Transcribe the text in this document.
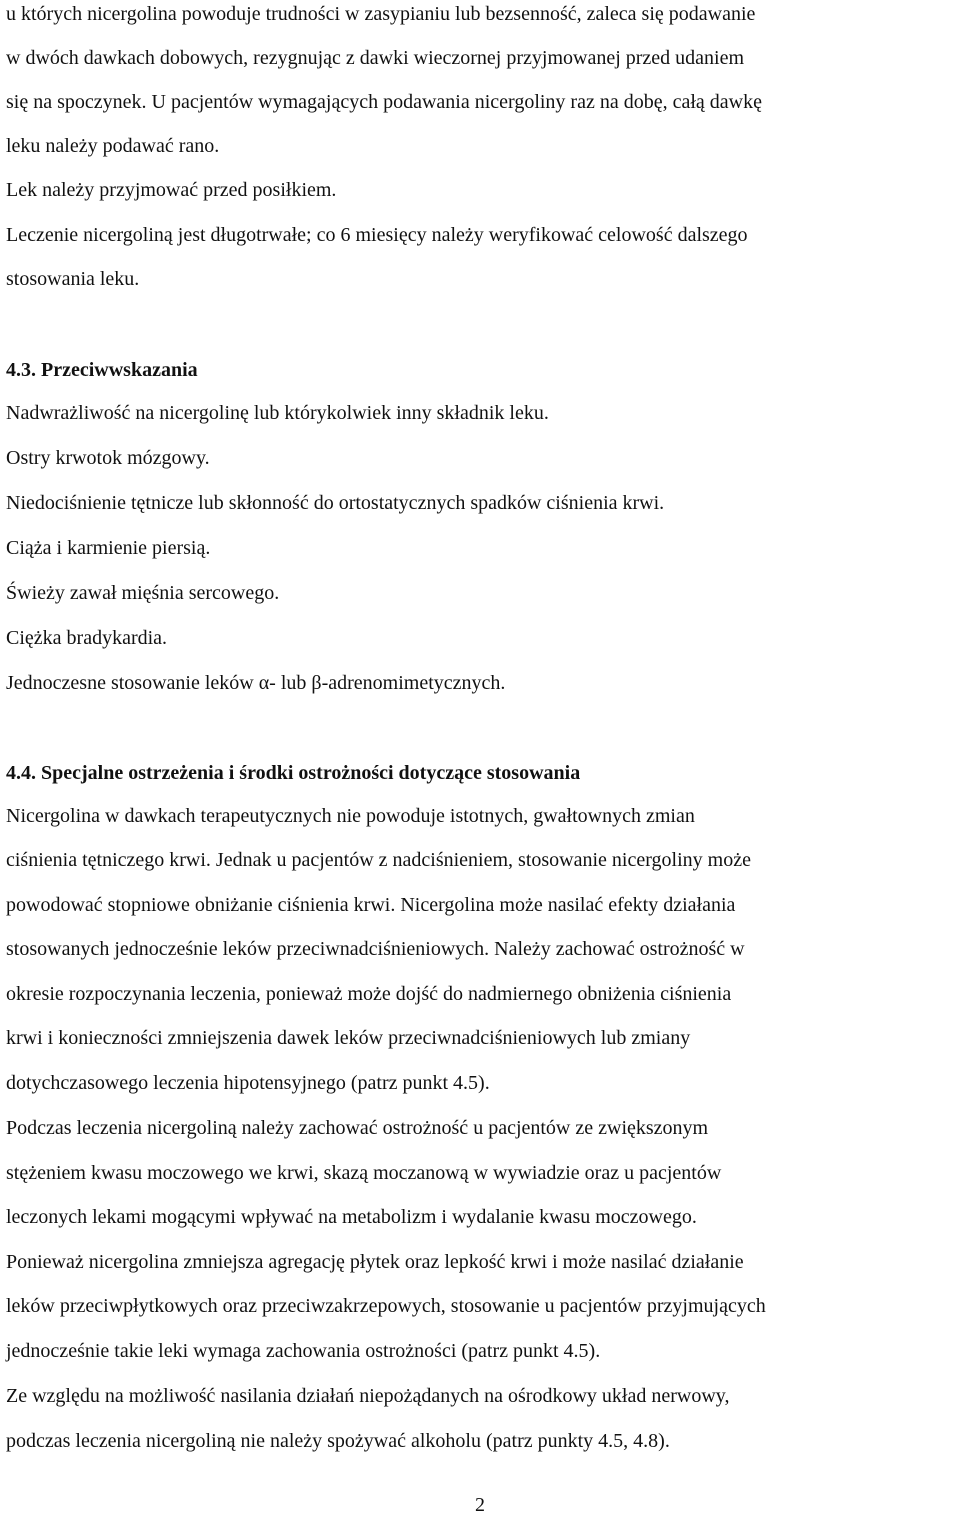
u których nicergolina powoduje trudności w zasypianiu lub bezsenność, zaleca się podawanie
w dwóch dawkach dobowych, rezygnując z dawki wieczornej przyjmowanej przed udaniem
się na spoczynek. U pacjentów wymagających podawania nicergoliny raz na dobę, całą dawkę
leku należy podawać rano.
Lek należy przyjmować przed posiłkiem.
Leczenie nicergoliną jest długotrwałe; co 6 miesięcy należy weryfikować celowość dalszego
stosowania leku.
4.3. Przeciwwskazania
Nadwrażliwość na nicergolinę lub którykolwiek inny składnik leku.
Ostry krwotok mózgowy.
Niedociśnienie tętnicze lub skłonność do ortostatycznych spadków ciśnienia krwi.
Ciąża i karmienie piersią.
Świeży zawał mięśnia sercowego.
Ciężka bradykardia.
Jednoczesne stosowanie leków α- lub β-adrenomimetycznych.
4.4. Specjalne ostrzeżenia i środki ostrożności dotyczące stosowania
Nicergolina w dawkach terapeutycznych nie powoduje istotnych, gwałtownych zmian
ciśnienia tętniczego krwi. Jednak u pacjentów z nadciśnieniem, stosowanie nicergoliny może
powodować stopniowe obniżanie ciśnienia krwi. Nicergolina może nasilać efekty działania
stosowanych jednocześnie leków przeciwnadciśnieniowych. Należy zachować ostrożność w
okresie rozpoczynania leczenia, ponieważ może dojść do nadmiernego obniżenia ciśnienia
krwi i konieczności zmniejszenia dawek leków przeciwnadciśnieniowych lub zmiany
dotychczasowego leczenia hipotensyjnego (patrz punkt 4.5).
Podczas leczenia nicergoliną należy zachować ostrożność u pacjentów ze zwiększonym
stężeniem kwasu moczowego we krwi, skazą moczanową w wywiadzie oraz u pacjentów
leczonych lekami mogącymi wpływać na metabolizm i wydalanie kwasu moczowego.
Ponieważ nicergolina zmniejsza agregację płytek oraz lepkość krwi i może nasilać działanie
leków przeciwpłytkowych oraz przeciwzakrzepowych, stosowanie u pacjentów przyjmujących
jednocześnie takie leki wymaga zachowania ostrożności (patrz punkt 4.5).
Ze względu na możliwość nasilania działań niepożądanych na ośrodkowy układ nerwowy,
podczas leczenia nicergoliną nie należy spożywać alkoholu (patrz punkty 4.5, 4.8).
2
